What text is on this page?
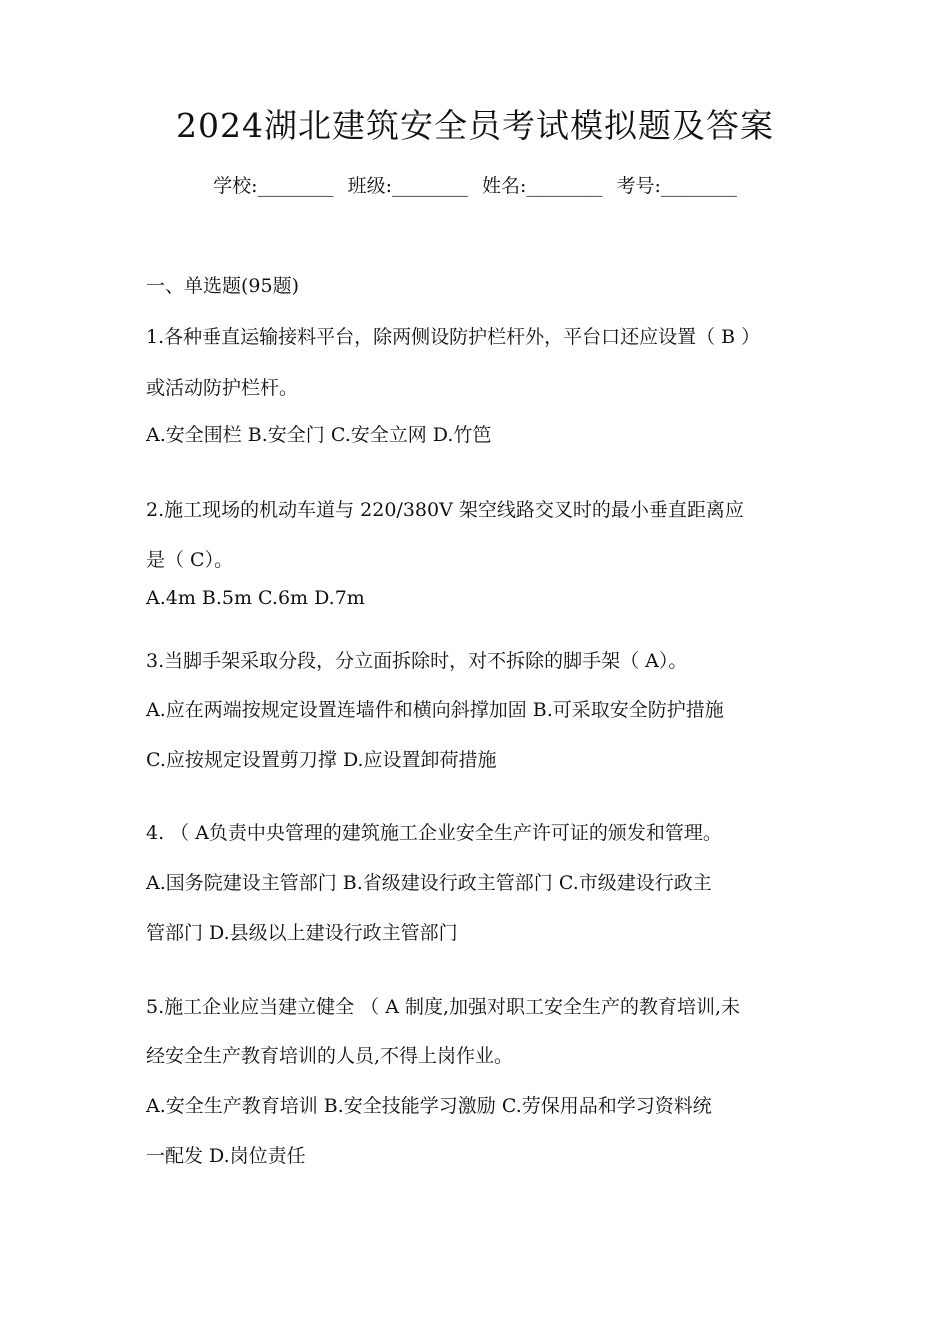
2024湖北建筑安全员考试模拟题及答案
学校:________ 班级:________ 姓名:________ 考号:________
一、单选题(95题)
1.各种垂直运输接料平台，除两侧设防护栏杆外，平台口还应设置（ B ）
或活动防护栏杆。
A.安全围栏 B.安全门 C.安全立网 D.竹笆
2.施工现场的机动车道与 220/380V 架空线路交叉时的最小垂直距离应
是（ C）。
A.4m B.5m C.6m D.7m
3.当脚手架采取分段，分立面拆除时，对不拆除的脚手架（ A）。
A.应在两端按规定设置连墙件和横向斜撑加固 B.可采取安全防护措施
C.应按规定设置剪刀撑 D.应设置卸荷措施
4. （ A负责中央管理的建筑施工企业安全生产许可证的颁发和管理。
A.国务院建设主管部门 B.省级建设行政主管部门 C.市级建设行政主
管部门 D.县级以上建设行政主管部门
5.施工企业应当建立健全 （ A 制度,加强对职工安全生产的教育培训,未
经安全生产教育培训的人员,不得上岗作业。
A.安全生产教育培训 B.安全技能学习激励 C.劳保用品和学习资料统
一配发 D.岗位责任
